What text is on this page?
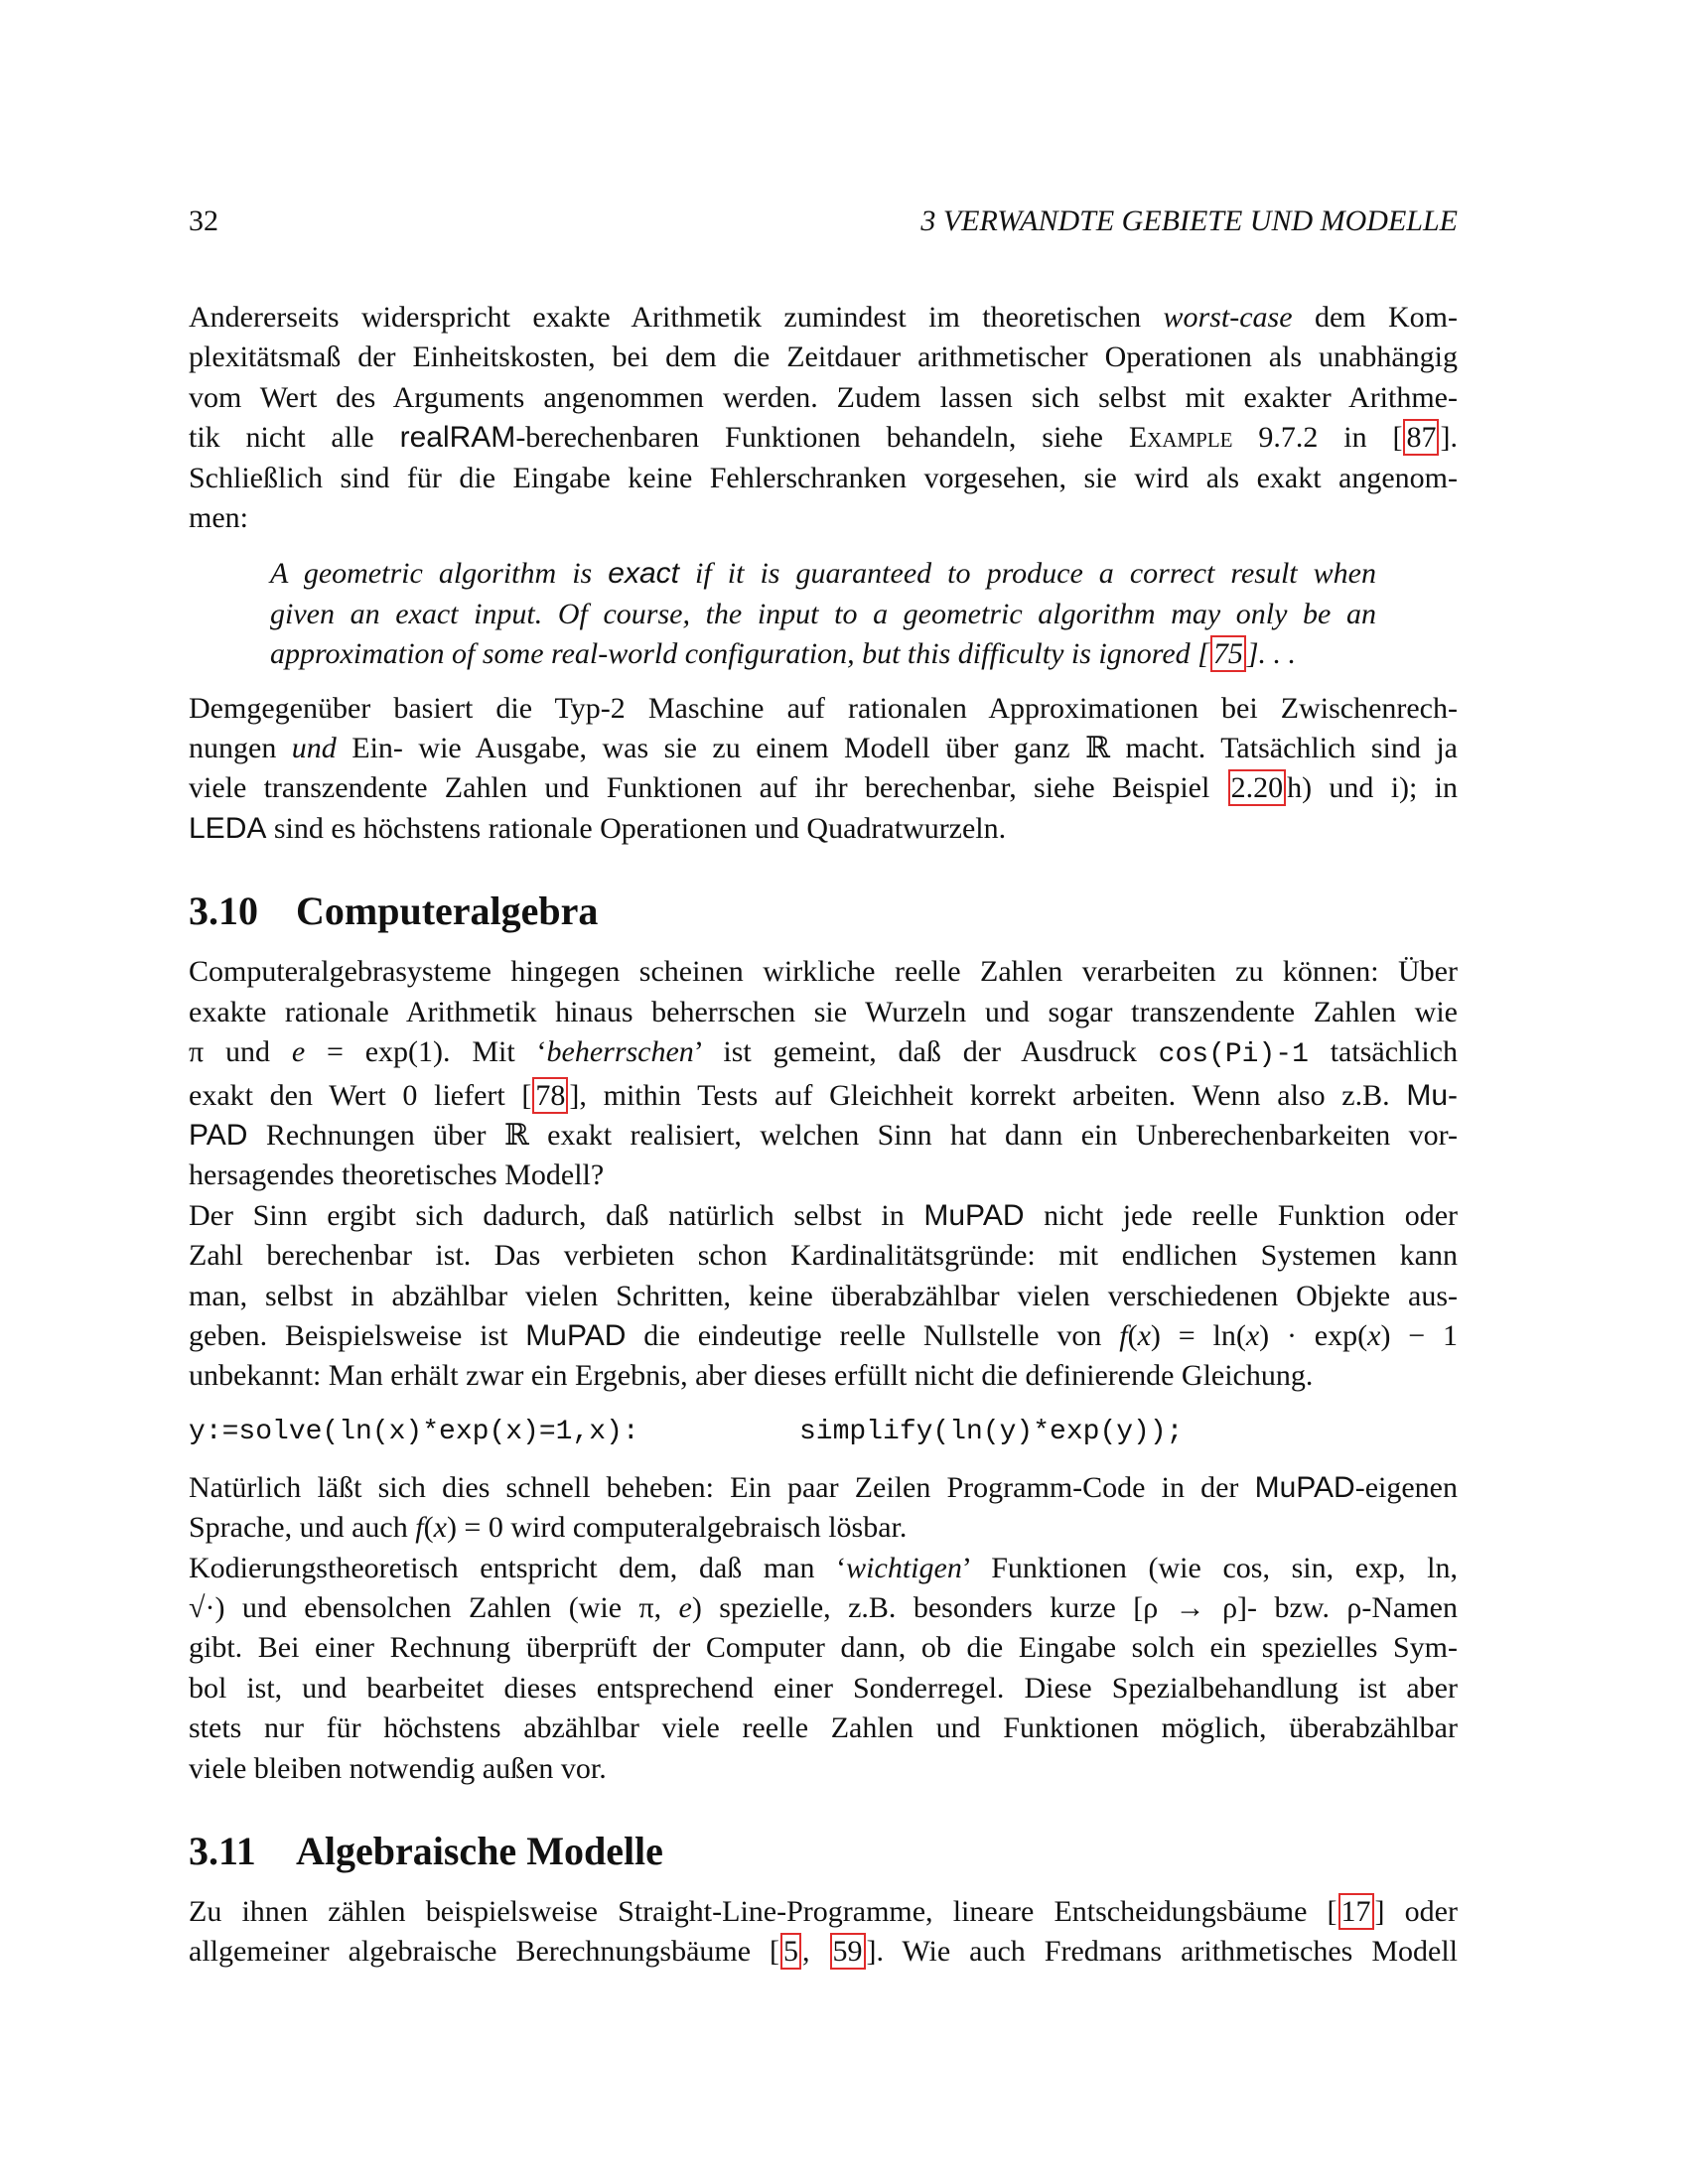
32	3 VERWANDTE GEBIETE UND MODELLE

Andererseits widerspricht exakte Arithmetik zumindest im theoretischen worst-case dem Kom-
plexitätsmaß der Einheitskosten, bei dem die Zeitdauer arithmetischer Operationen als unabhängig
vom Wert des Arguments angenommen werden. Zudem lassen sich selbst mit exakter Arithme-
tik nicht alle realRAM-berechenbaren Funktionen behandeln, siehe Example 9.7.2 in [ 87 ].
Schließlich sind für die Eingabe keine Fehlerschranken vorgesehen, sie wird als exakt angenom-
men:

A geometric algorithm is exact if it is guaranteed to produce a correct result when
given an exact input. Of course, the input to a geometric algorithm may only be an
approximation of some real-world configuration, but this difficulty is ignored [ 75 ]. . .

Demgegenüber basiert die Typ-2 Maschine auf rationalen Approximationen bei Zwischenrech-
nungen und Ein- wie Ausgabe, was sie zu einem Modell über ganz ℝ macht. Tatsächlich sind ja
viele transzendente Zahlen und Funktionen auf ihr berechenbar, siehe Beispiel 2.20 h) und i); in
LEDA sind es höchstens rationale Operationen und Quadratwurzeln.

3.10 Computeralgebra

Computeralgebrasysteme hingegen scheinen wirkliche reelle Zahlen verarbeiten zu können: Über
exakte rationale Arithmetik hinaus beherrschen sie Wurzeln und sogar transzendente Zahlen wie
π und e = exp(1). Mit ‘beherrschen’ ist gemeint, daß der Ausdruck cos(Pi)-1 tatsächlich
exakt den Wert 0 liefert [ 78 ], mithin Tests auf Gleichheit korrekt arbeiten. Wenn also z.B. Mu-
PAD Rechnungen über ℝ exakt realisiert, welchen Sinn hat dann ein Unberechenbarkeiten vor-
hersagendes theoretisches Modell?

Der Sinn ergibt sich dadurch, daß natürlich selbst in MuPAD nicht jede reelle Funktion oder
Zahl berechenbar ist. Das verbieten schon Kardinalitätsgründe: mit endlichen Systemen kann
man, selbst in abzählbar vielen Schritten, keine überabzählbar vielen verschiedenen Objekte aus-
geben. Beispielsweise ist MuPAD die eindeutige reelle Nullstelle von f(x) = ln(x) · exp(x) − 1
unbekannt: Man erhält zwar ein Ergebnis, aber dieses erfüllt nicht die definierende Gleichung.

y:=solve(ln(x)*exp(x)=1,x):	simplify(ln(y)*exp(y));

Natürlich läßt sich dies schnell beheben: Ein paar Zeilen Programm-Code in der MuPAD-eigenen
Sprache, und auch f(x) = 0 wird computeralgebraisch lösbar.

Kodierungstheoretisch entspricht dem, daß man ‘wichtigen’ Funktionen (wie cos, sin, exp, ln,
√·) und ebensolchen Zahlen (wie π, e) spezielle, z.B. besonders kurze [ρ → ρ]- bzw. ρ-Namen
gibt. Bei einer Rechnung überprüft der Computer dann, ob die Eingabe solch ein spezielles Sym-
bol ist, und bearbeitet dieses entsprechend einer Sonderregel. Diese Spezialbehandlung ist aber
stets nur für höchstens abzählbar viele reelle Zahlen und Funktionen möglich, überabzählbar
viele bleiben notwendig außen vor.

3.11 Algebraische Modelle

Zu ihnen zählen beispielsweise Straight-Line-Programme, lineare Entscheidungsbäume [ 17 ] oder
allgemeiner algebraische Berechnungsbäume [ 5 , 59 ]. Wie auch Fredmans arithmetisches Modell
